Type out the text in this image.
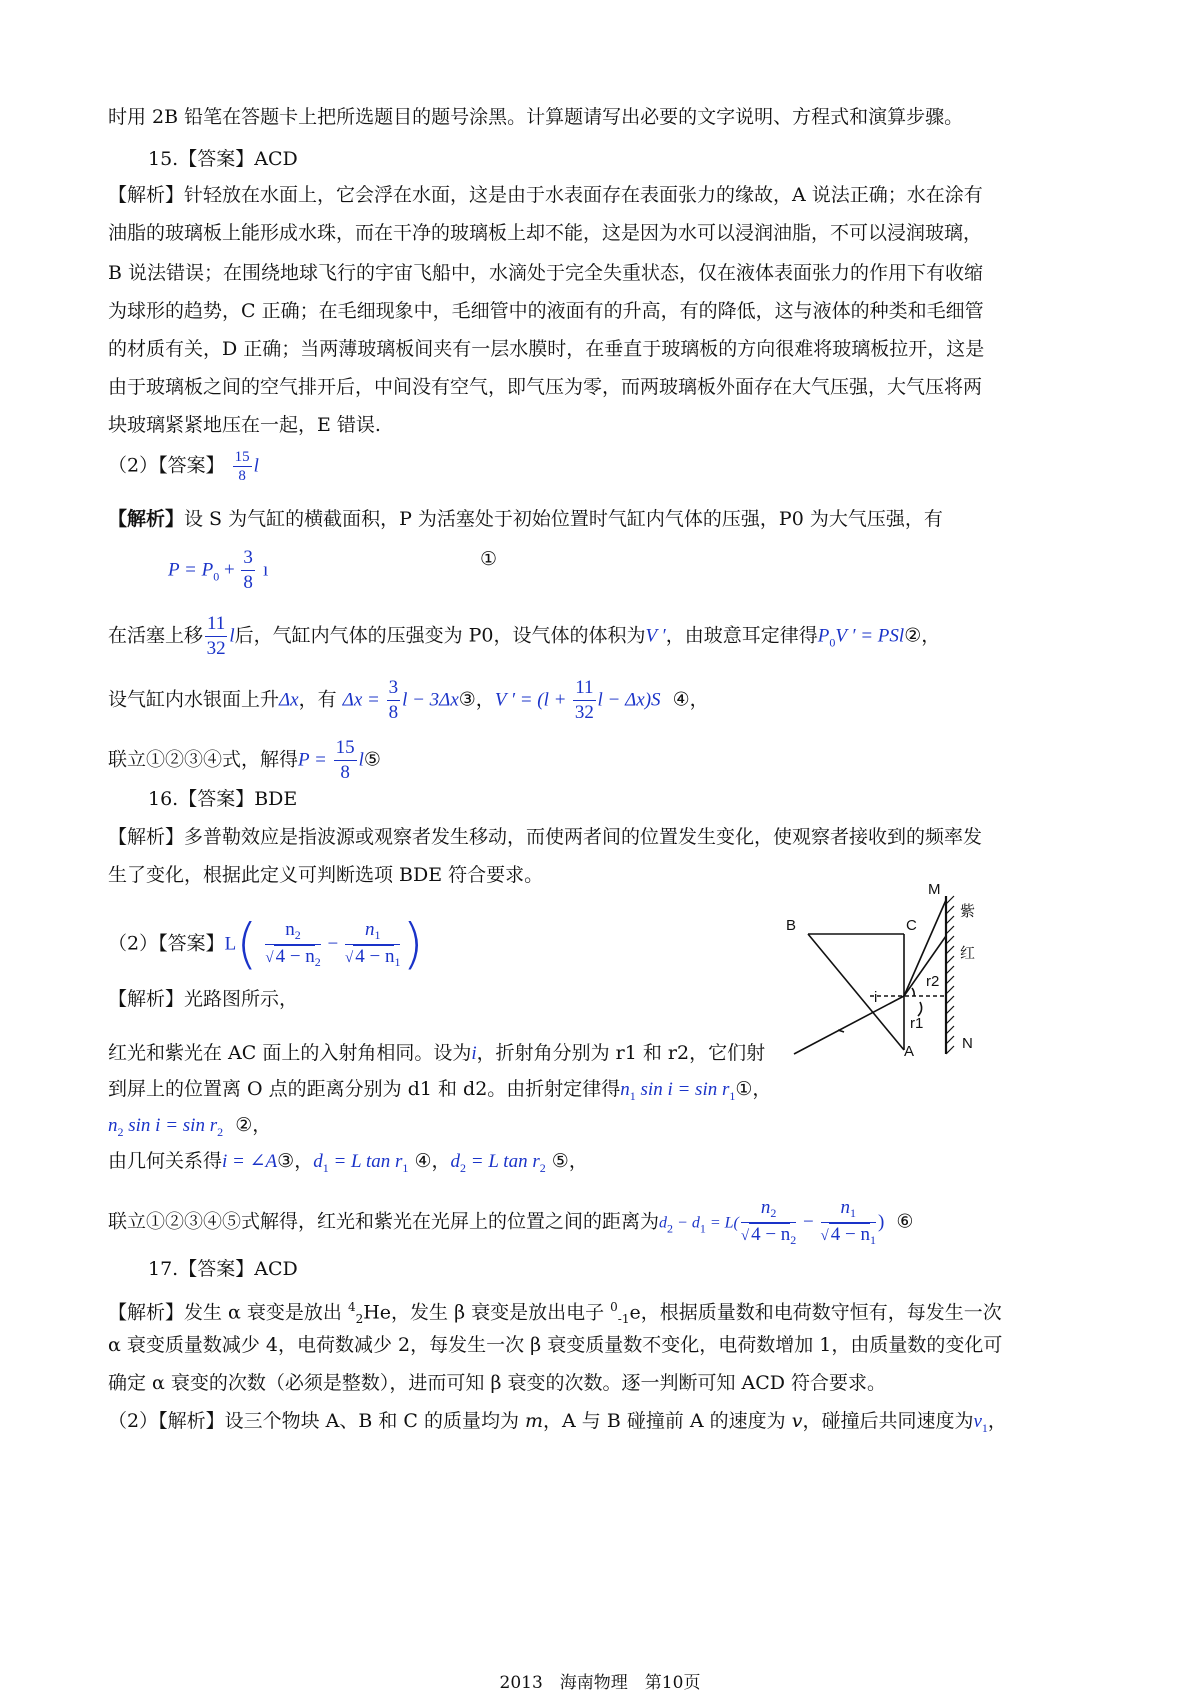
时用 2B 铅笔在答题卡上把所选题目的题号涂黑。计算题请写出必要的文字说明、方程式和演算步骤。
15.【答案】ACD
【解析】针轻放在水面上，它会浮在水面，这是由于水表面存在表面张力的缘故，A 说法正确；水在涂有
油脂的玻璃板上能形成水珠，而在干净的玻璃板上却不能，这是因为水可以浸润油脂，不可以浸润玻璃，
B 说法错误；在围绕地球飞行的宇宙飞船中，水滴处于完全失重状态，仅在液体表面张力的作用下有收缩
为球形的趋势，C 正确；在毛细现象中，毛细管中的液面有的升高，有的降低，这与液体的种类和毛细管
的材质有关，D 正确；当两薄玻璃板间夹有一层水膜时，在垂直于玻璃板的方向很难将玻璃板拉开，这是
由于玻璃板之间的空气排开后，中间没有空气，即气压为零，而两玻璃板外面存在大气压强，大气压将两
块玻璃紧紧地压在一起，E 错误.
（2）【答案】 $\frac{15}{8}$ l
【解析】设 S 为气缸的横截面积，P 为活塞处于初始位置时气缸内气体的压强，P0 为大气压强，有
$P = P_0 + \frac{3}{8}$ ı	①
在活塞上移 $\frac{11}{32}$ l后，气缸内气体的压强变为 P0，设气体的体积为V ′，由玻意耳定律得$P_0V$ ′ = PSl②，
设气缸内水银面上升Δx，有 $\Delta x = \frac{3}{8}$ l − 3Δx③，V ′ = ($l + \frac{11}{32}$ l − Δx)S ④，
联立①②③④式，解得$P = \frac{15}{8}$ l⑤
16.【答案】BDE
【解析】多普勒效应是指波源或观察者发生移动，而使两者间的位置发生变化，使观察者接收到的频率发
生了变化，根据此定义可判断选项 BDE 符合要求。
（2）【答案】$L( \frac{n_2}{√ 4 - n_2} - \frac{n_1}{√ 4 - n_1}$ )
【解析】光路图所示，
红光和紫光在 AC 面上的入射角相同。设为i，折射角分别为 r1 和 r2，它们射
到屏上的位置离 O 点的距离分别为 d1 和 d2。由折射定律得$n_1$ $\sin i = \sin r_1①$，
$n_2$ $\sin i = \sin r_2$ ②，
由几何关系得i = ∠A③，$d_1 = L$ $\tan r_1$ ④，$d_2 = L$ $\tan r_2$ ⑤，
联立①②③④⑤式解得，红光和紫光在光屏上的位置之间的距离为$d_2 - d_1 = L( \frac{n_2}{√ 4 - n_2} - \frac{n_1}{√ 4 - n_1}$ ) ⑥
17.【答案】ACD
【解析】发生 α 衰变是放出 $^4_2$He，发生 β 衰变是放出电子 $^0_{-1}$e，根据质量数和电荷数守恒有，每发生一次
α 衰变质量数减少 4，电荷数减少 2，每发生一次 β 衰变质量数不变化，电荷数增加 1，由质量数的变化可
确定 α 衰变的次数（必须是整数），进而可知 β 衰变的次数。逐一判断可知 ACD 符合要求。
（2）【解析】设三个物块 A、B 和 C 的质量均为 m，A 与 B 碰撞前 A 的速度为 v，碰撞后共同速度为$v_1$，
M
B	C
紫
红
i
r2
r1
A	N
2013　海南物理　第10页
